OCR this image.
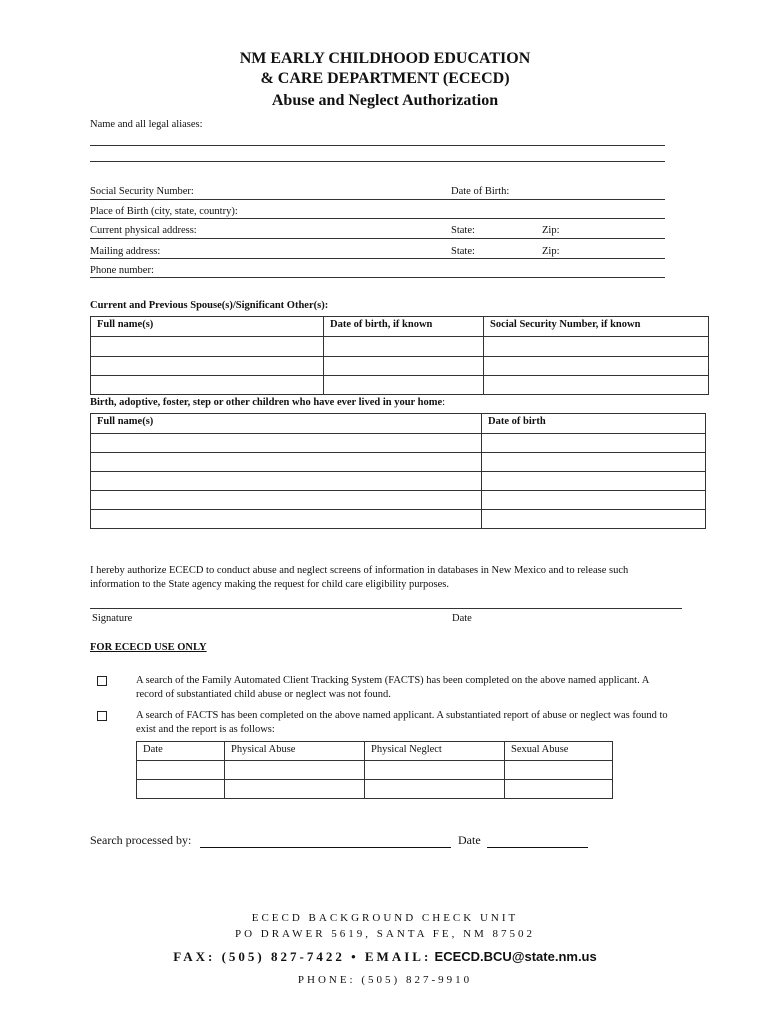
NM EARLY CHILDHOOD EDUCATION
& CARE DEPARTMENT (ECECD)
Abuse and Neglect Authorization
Name and all legal aliases:
Social Security Number:	Date of Birth:
Place of Birth (city, state, country):
Current physical address:	State:	Zip:
Mailing address:	State:	Zip:
Phone number:
Current and Previous Spouse(s)/Significant Other(s):
Full name(s)	Date of birth, if known	Social Security Number, if known

Birth, adoptive, foster, step or other children who have ever lived in your home:
Full name(s)	Date of birth

I hereby authorize ECECD to conduct abuse and neglect screens of information in databases in New Mexico and to release such information to the State agency making the request for child care eligibility purposes.
Signature	Date
FOR ECECD USE ONLY
A search of the Family Automated Client Tracking System (FACTS) has been completed on the above named applicant. A record of substantiated child abuse or neglect was not found.
A search of FACTS has been completed on the above named applicant. A substantiated report of abuse or neglect was found to exist and the report is as follows:
Date	Physical Abuse	Physical Neglect	Sexual Abuse

Search processed by:	Date
ECECD BACKGROUND CHECK UNIT
PO DRAWER 5619, SANTA FE, NM 87502
FAX: (505) 827-7422 • EMAIL: ECECD.BCU@state.nm.us
PHONE: (505) 827-9910
